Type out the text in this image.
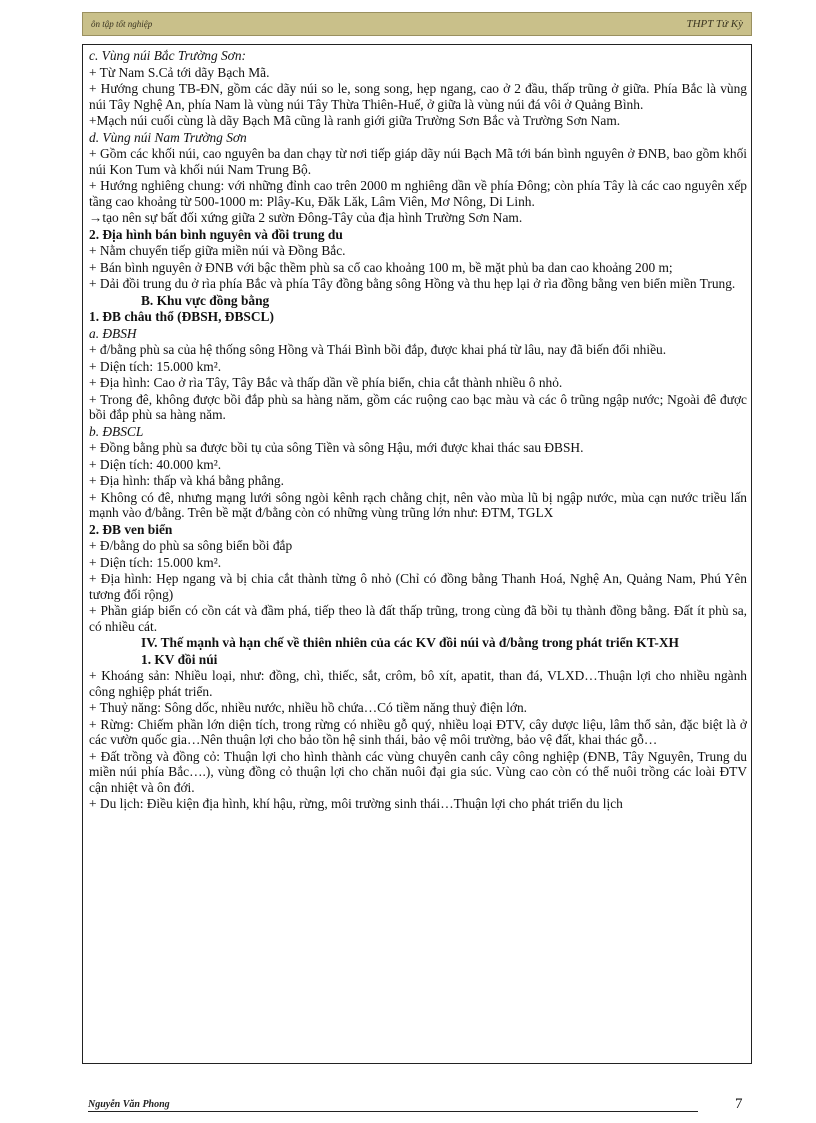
ôn tập tốt nghiệp	THPT Tứ Kỳ

c. Vùng núi Bắc Trường Sơn:

+ Từ Nam S.Cả tới dãy Bạch Mã.

+ Hướng chung TB-ĐN, gồm các dãy núi so le, song song, hẹp ngang, cao ở 2 đầu, thấp trũng ở giữa. Phía Bắc là vùng núi Tây Nghệ An, phía Nam là vùng núi Tây Thừa Thiên-Huế, ở giữa là vùng núi đá vôi ở Quảng Bình.

+Mạch núi cuối cùng là dãy Bạch Mã cũng là ranh giới giữa Trường Sơn Bắc và Trường Sơn Nam.

d. Vùng núi Nam Trường Sơn

+ Gồm các khối núi, cao nguyên ba dan chạy từ nơi tiếp giáp dãy núi Bạch Mã tới bán bình nguyên ở ĐNB, bao gồm khối núi Kon Tum và khối núi Nam Trung Bộ.

+ Hướng nghiêng chung: với những đỉnh cao trên 2000 m nghiêng dần về phía Đông; còn phía Tây là các cao nguyên xếp tầng cao khoảng từ 500-1000 m: Plây-Ku, Đăk Lăk, Lâm Viên, Mơ Nông, Di Linh.

→tạo nên sự bất đối xứng giữa 2 sườn Đông-Tây của địa hình Trường Sơn Nam.

2. Địa hình bán bình nguyên và đồi trung du

+ Nằm chuyển tiếp giữa miền núi và Đồng Bắc.

+ Bán bình nguyên ở ĐNB với bậc thềm phù sa cổ cao khoảng 100 m, bề mặt phủ ba dan cao khoảng 200 m;

+ Dải đồi trung du ở rìa phía Bắc và phía Tây đồng bằng sông Hồng và thu hẹp lại ở rìa đồng bằng ven biển miền Trung.

B. Khu vực đồng bằng

1. ĐB châu thổ (ĐBSH, ĐBSCL)

a. ĐBSH

+ đ/bằng phù sa của hệ thống sông Hồng và Thái Bình bồi đắp, được khai phá từ lâu, nay đã biến đổi nhiều.

+ Diện tích: 15.000 km².

+ Địa hình: Cao ở rìa Tây, Tây Bắc và thấp dần về phía biển, chia cắt thành nhiều ô nhỏ.

+ Trong đê, không được bồi đắp phù sa hàng năm, gồm các ruộng cao bạc màu và các ô trũng ngập nước; Ngoài đê được bồi đắp phù sa hàng năm.

b. ĐBSCL

+ Đồng bằng phù sa được bồi tụ của sông Tiền và sông Hậu, mới được khai thác sau ĐBSH.

+ Diện tích: 40.000 km².

+ Địa hình: thấp và khá bằng phẳng.

+ Không có đê, nhưng mạng lưới sông ngòi kênh rạch chằng chịt, nên vào mùa lũ bị ngập nước, mùa cạn nước triều lấn mạnh vào đ/bằng. Trên bề mặt đ/bằng còn có những vùng trũng lớn như: ĐTM, TGLX

2. ĐB ven biển

+ Đ/bằng do phù sa sông biển bồi đắp

+ Diện tích: 15.000 km².

+ Địa hình: Hẹp ngang và bị chia cắt thành từng ô nhỏ (Chỉ có đồng bằng Thanh Hoá, Nghệ An, Quảng Nam, Phú Yên tương đối rộng)

+ Phần giáp biển có cồn cát và đầm phá, tiếp theo là đất thấp trũng, trong cùng đã bồi tụ thành đồng bằng. Đất ít phù sa, có nhiều cát.

IV. Thế mạnh và hạn chế về thiên nhiên của các KV đồi núi và đ/bằng trong phát triển KT-XH

1. KV đồi núi

+ Khoáng sản: Nhiều loại, như: đồng, chì, thiếc, sắt, crôm, bô xít, apatit, than đá, VLXD…Thuận lợi cho nhiều ngành công nghiệp phát triển.

+ Thuỷ năng: Sông dốc, nhiều nước, nhiều hồ chứa…Có tiềm năng thuỷ điện lớn.

+ Rừng: Chiếm phần lớn diện tích, trong rừng có nhiều gỗ quý, nhiều loại ĐTV, cây dược liệu, lâm thổ sản, đặc biệt là ở các vườn quốc gia…Nên thuận lợi cho bảo tồn hệ sinh thái, bảo vệ môi trường, bảo vệ đất, khai thác gỗ…

+ Đất trồng và đồng cỏ: Thuận lợi cho hình thành các vùng chuyên canh cây công nghiệp (ĐNB, Tây Nguyên, Trung du miền núi phía Bắc….), vùng đồng cỏ thuận lợi cho chăn nuôi đại gia súc. Vùng cao còn có thể nuôi trồng các loài ĐTV cận nhiệt và ôn đới.

+ Du lịch: Điều kiện địa hình, khí hậu, rừng, môi trường sinh thái…Thuận lợi cho phát triển du lịch

Nguyễn Văn Phong	7
